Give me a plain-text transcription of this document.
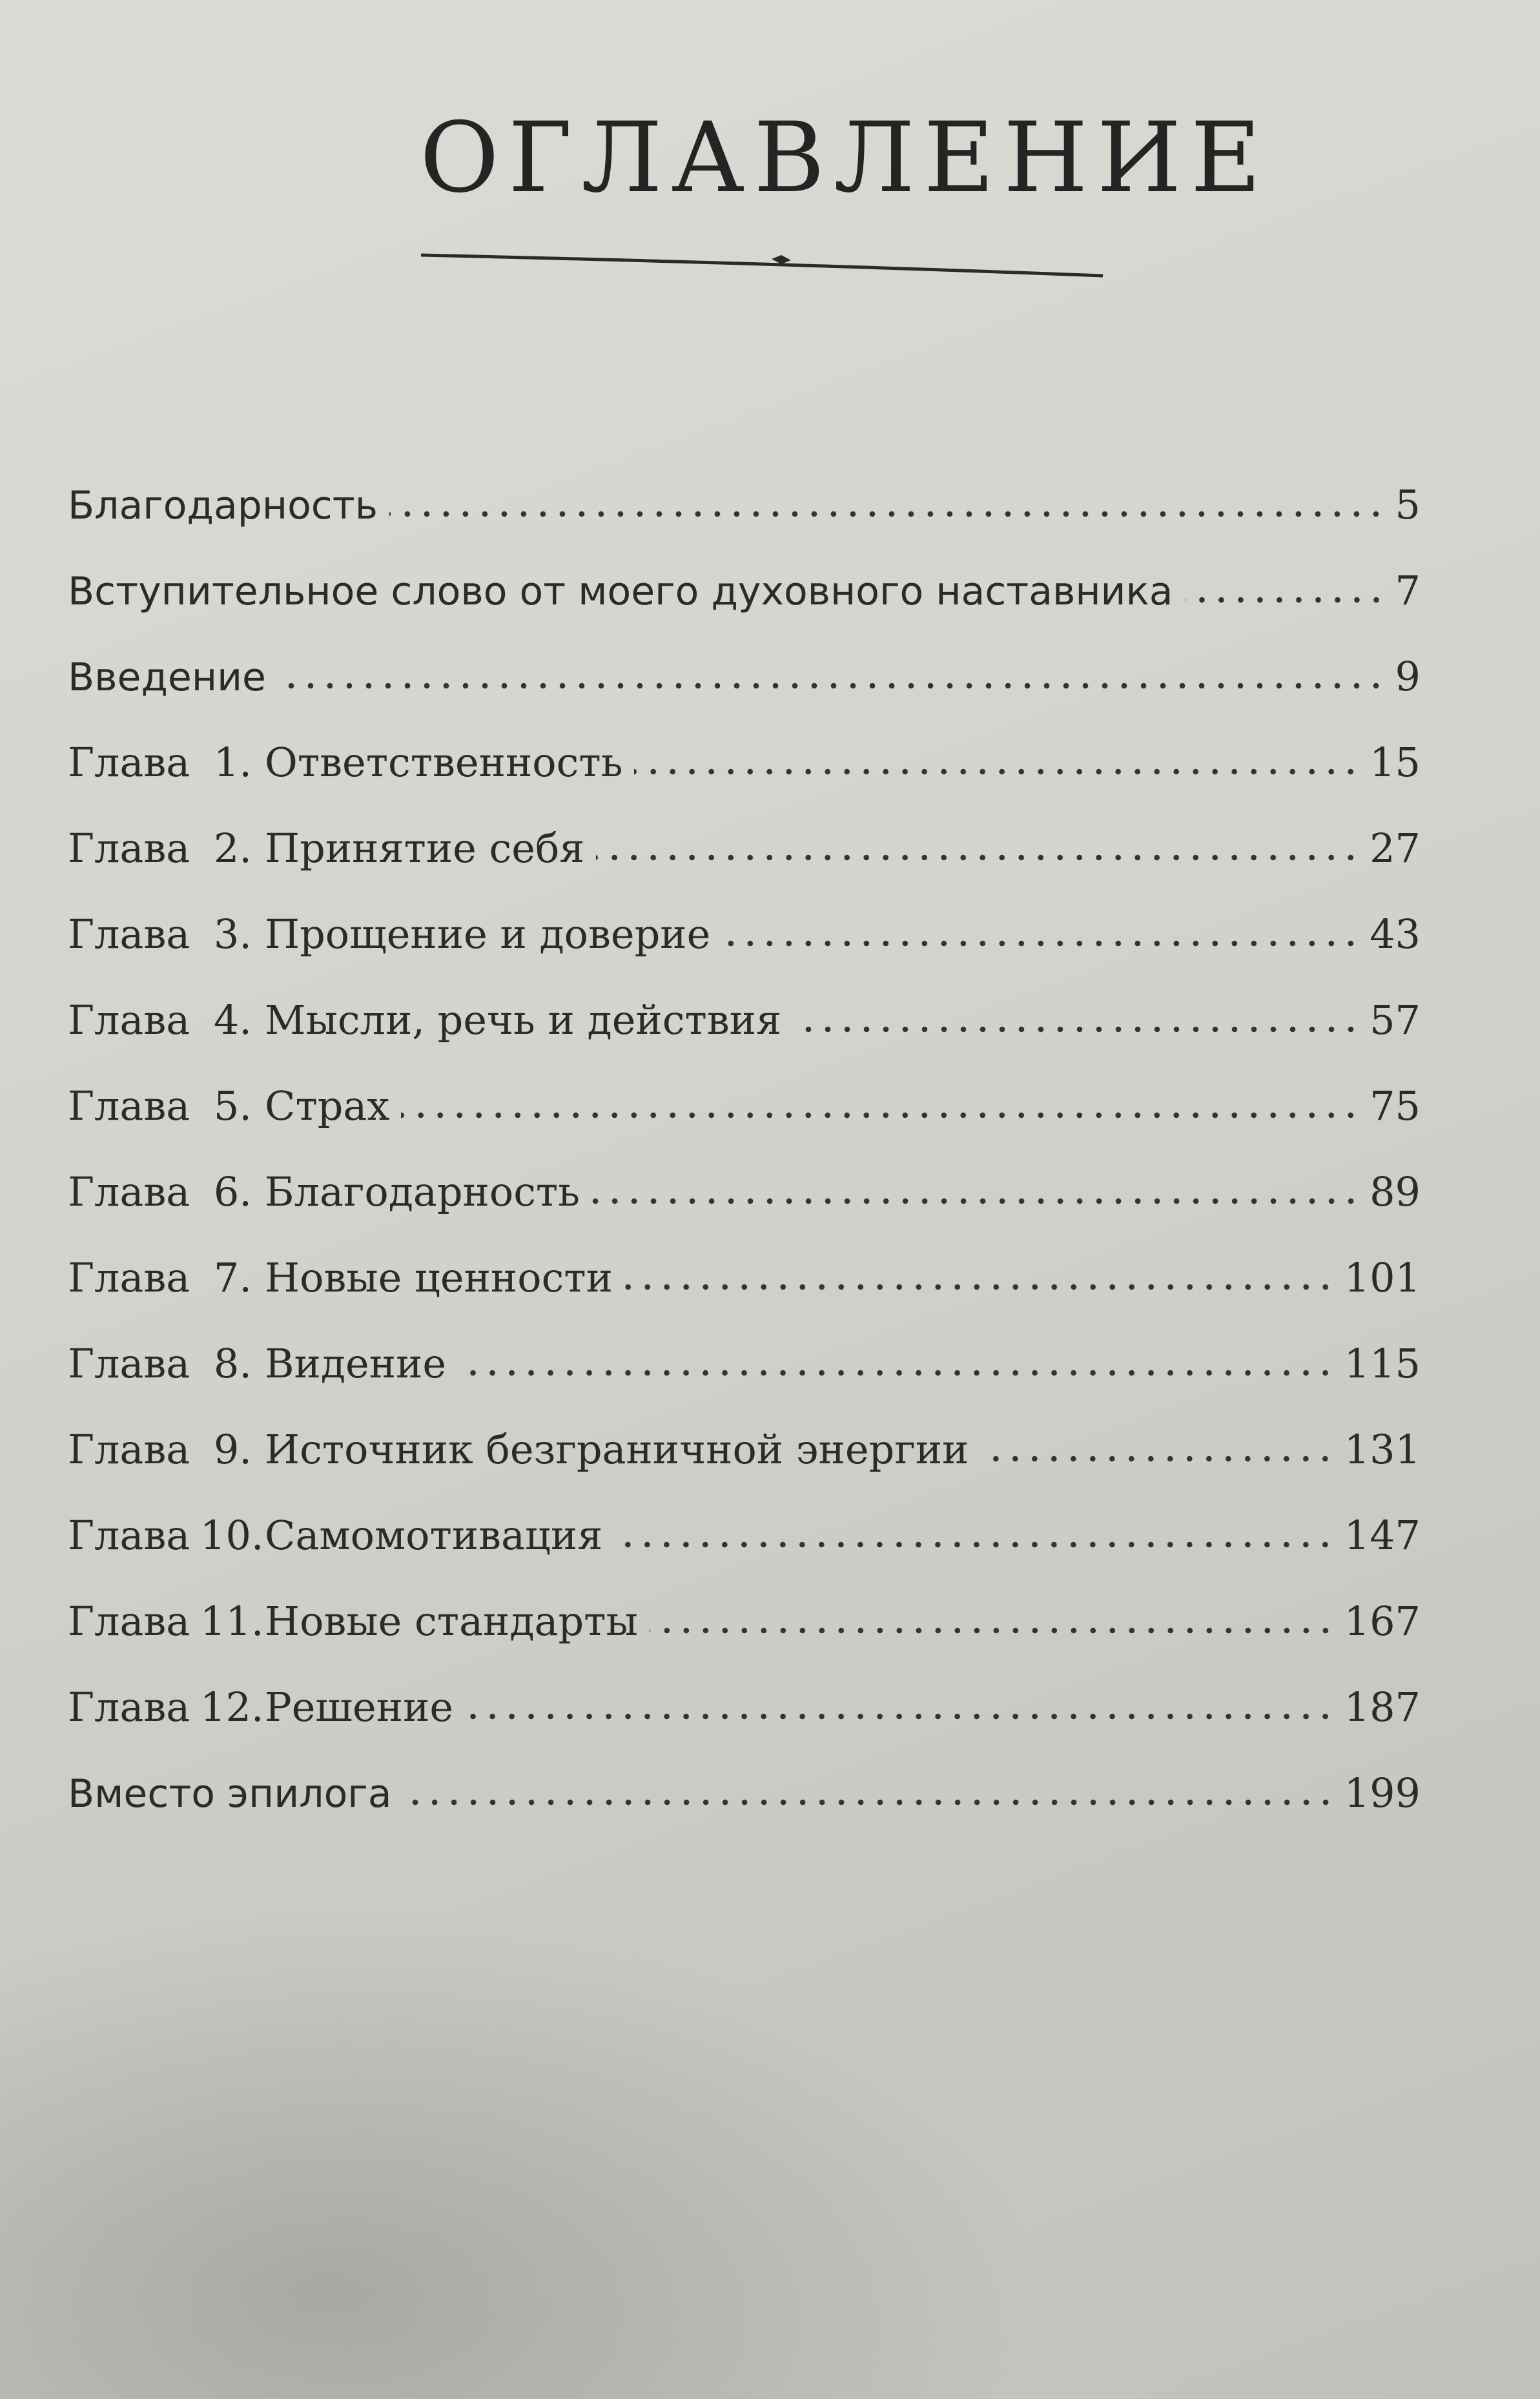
ОГЛАВЛЕНИЕ
Благодарность	5
Вступительное слово от моего духовного наставника	7
Введение	9
Глава 1. Ответственность	15
Глава 2. Принятие себя	27
Глава 3. Прощение и доверие	43
Глава 4. Мысли, речь и действия	57
Глава 5. Страх	75
Глава 6. Благодарность	89
Глава 7. Новые ценности	101
Глава 8. Видение	115
Глава 9. Источник безграничной энергии	131
Глава 10. Самомотивация	147
Глава 11. Новые стандарты	167
Глава 12. Решение	187
Вместо эпилога	199
